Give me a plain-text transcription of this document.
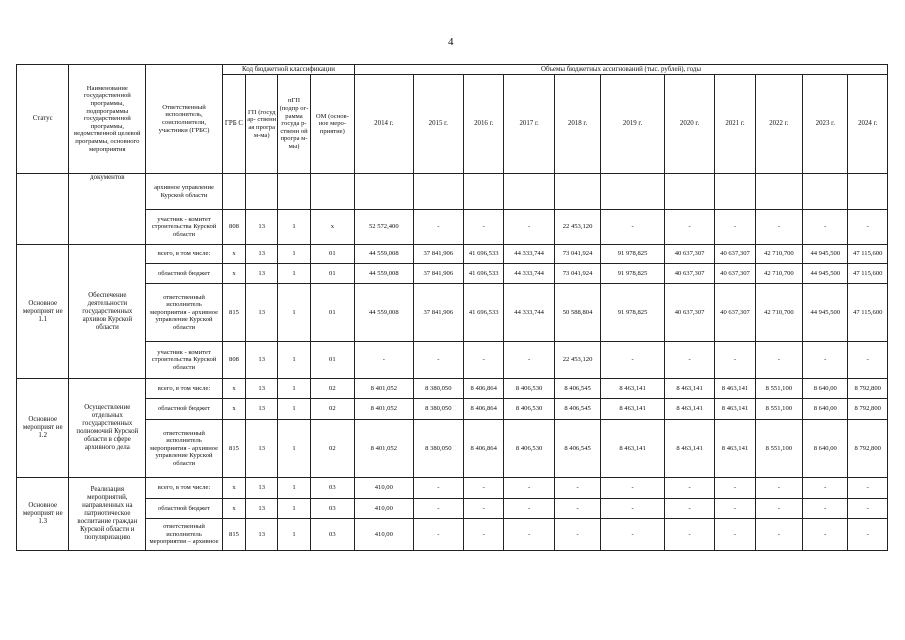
4
Статус	Наименование государственной программы, подпрограммы государственной программы, ведомственной целевой программы, основного мероприятия	Ответственный исполнитель, соисполнители, участники (ГРБС)	Код бюджетной классификации				Объемы бюджетных ассигнований (тыс. рублей), годы										
			ГРБ С	ГП (госуд ар- ственн ая програ м-ма)	пГП (подпр ог- рамма госуда р- ственн ой програ м-мы)	ОМ (основ- ное меро- приятие)	2014 г.	2015 г.	2016 г.	2017 г.	2018 г.	2019 г.	2020 г.	2021 г.	2022 г.	2023 г.	2024 г.
	документов	архивное управление Курской области															
		участник - комитет строительства Курской области	808	13	1	х	52 572,400	-	-	-	22 453,120	-	-	-	-	-	-
Основное мероприят ие 1.1	Обеспечение деятельности государственных архивов Курской области	всего, в том числе:	х	13	1	01	44 559,008	37 841,906	41 696,533	44 333,744	73 041,924	91 978,825	40 637,307	40 637,307	42 710,700	44 945,500	47 115,600
		областной бюджет	х	13	1	01	44 559,008	37 841,906	41 696,533	44 333,744	73 041,924	91 978,825	40 637,307	40 637,307	42 710,700	44 945,500	47 115,600
		ответственный исполнитель мероприятия - архивное управление Курской области	815	13	1	01	44 559,008	37 841,906	41 696,533	44 333,744	50 588,804	91 978,825	40 637,307	40 637,307	42 710,700	44 945,500	47 115,600
		участник - комитет строительства Курской области	808	13	1	01	-	-	-	-	22 453,120	-	-	-	-	-	-
Основное мероприят ие 1.2	Осуществление отдельных государственных полномочий Курской области в сфере архивного дела	всего, в том числе:	х	13	1	02	8 401,052	8 380,050	8 406,864	8 406,530	8 406,545	8 463,141	8 463,141	8 463,141	8 551,100	8 640,00	8 792,800
		областной бюджет	х	13	1	02	8 401,052	8 380,050	8 406,864	8 406,530	8 406,545	8 463,141	8 463,141	8 463,141	8 551,100	8 640,00	8 792,800
		ответственный исполнитель мероприятия - архивное управление Курской области	815	13	1	02	8 401,052	8 380,050	8 406,864	8 406,530	8 406,545	8 463,141	8 463,141	8 463,141	8 551,100	8 640,00	8 792,800
Основное мероприят ие 1.3	Реализация мероприятий, направленных на патриотическое воспитание граждан Курской области и популяризацию	всего, в том числе:	х	13	1	03	410,00	-	-	-	-	-	-	-	-	-	-
		областной бюджет	х	13	1	03	410,00	-	-	-	-	-	-	-	-	-	-
		ответственный исполнитель мероприятия – архивное	815	13	1	03	410,00	-	-	-	-	-	-	-	-	-	-
